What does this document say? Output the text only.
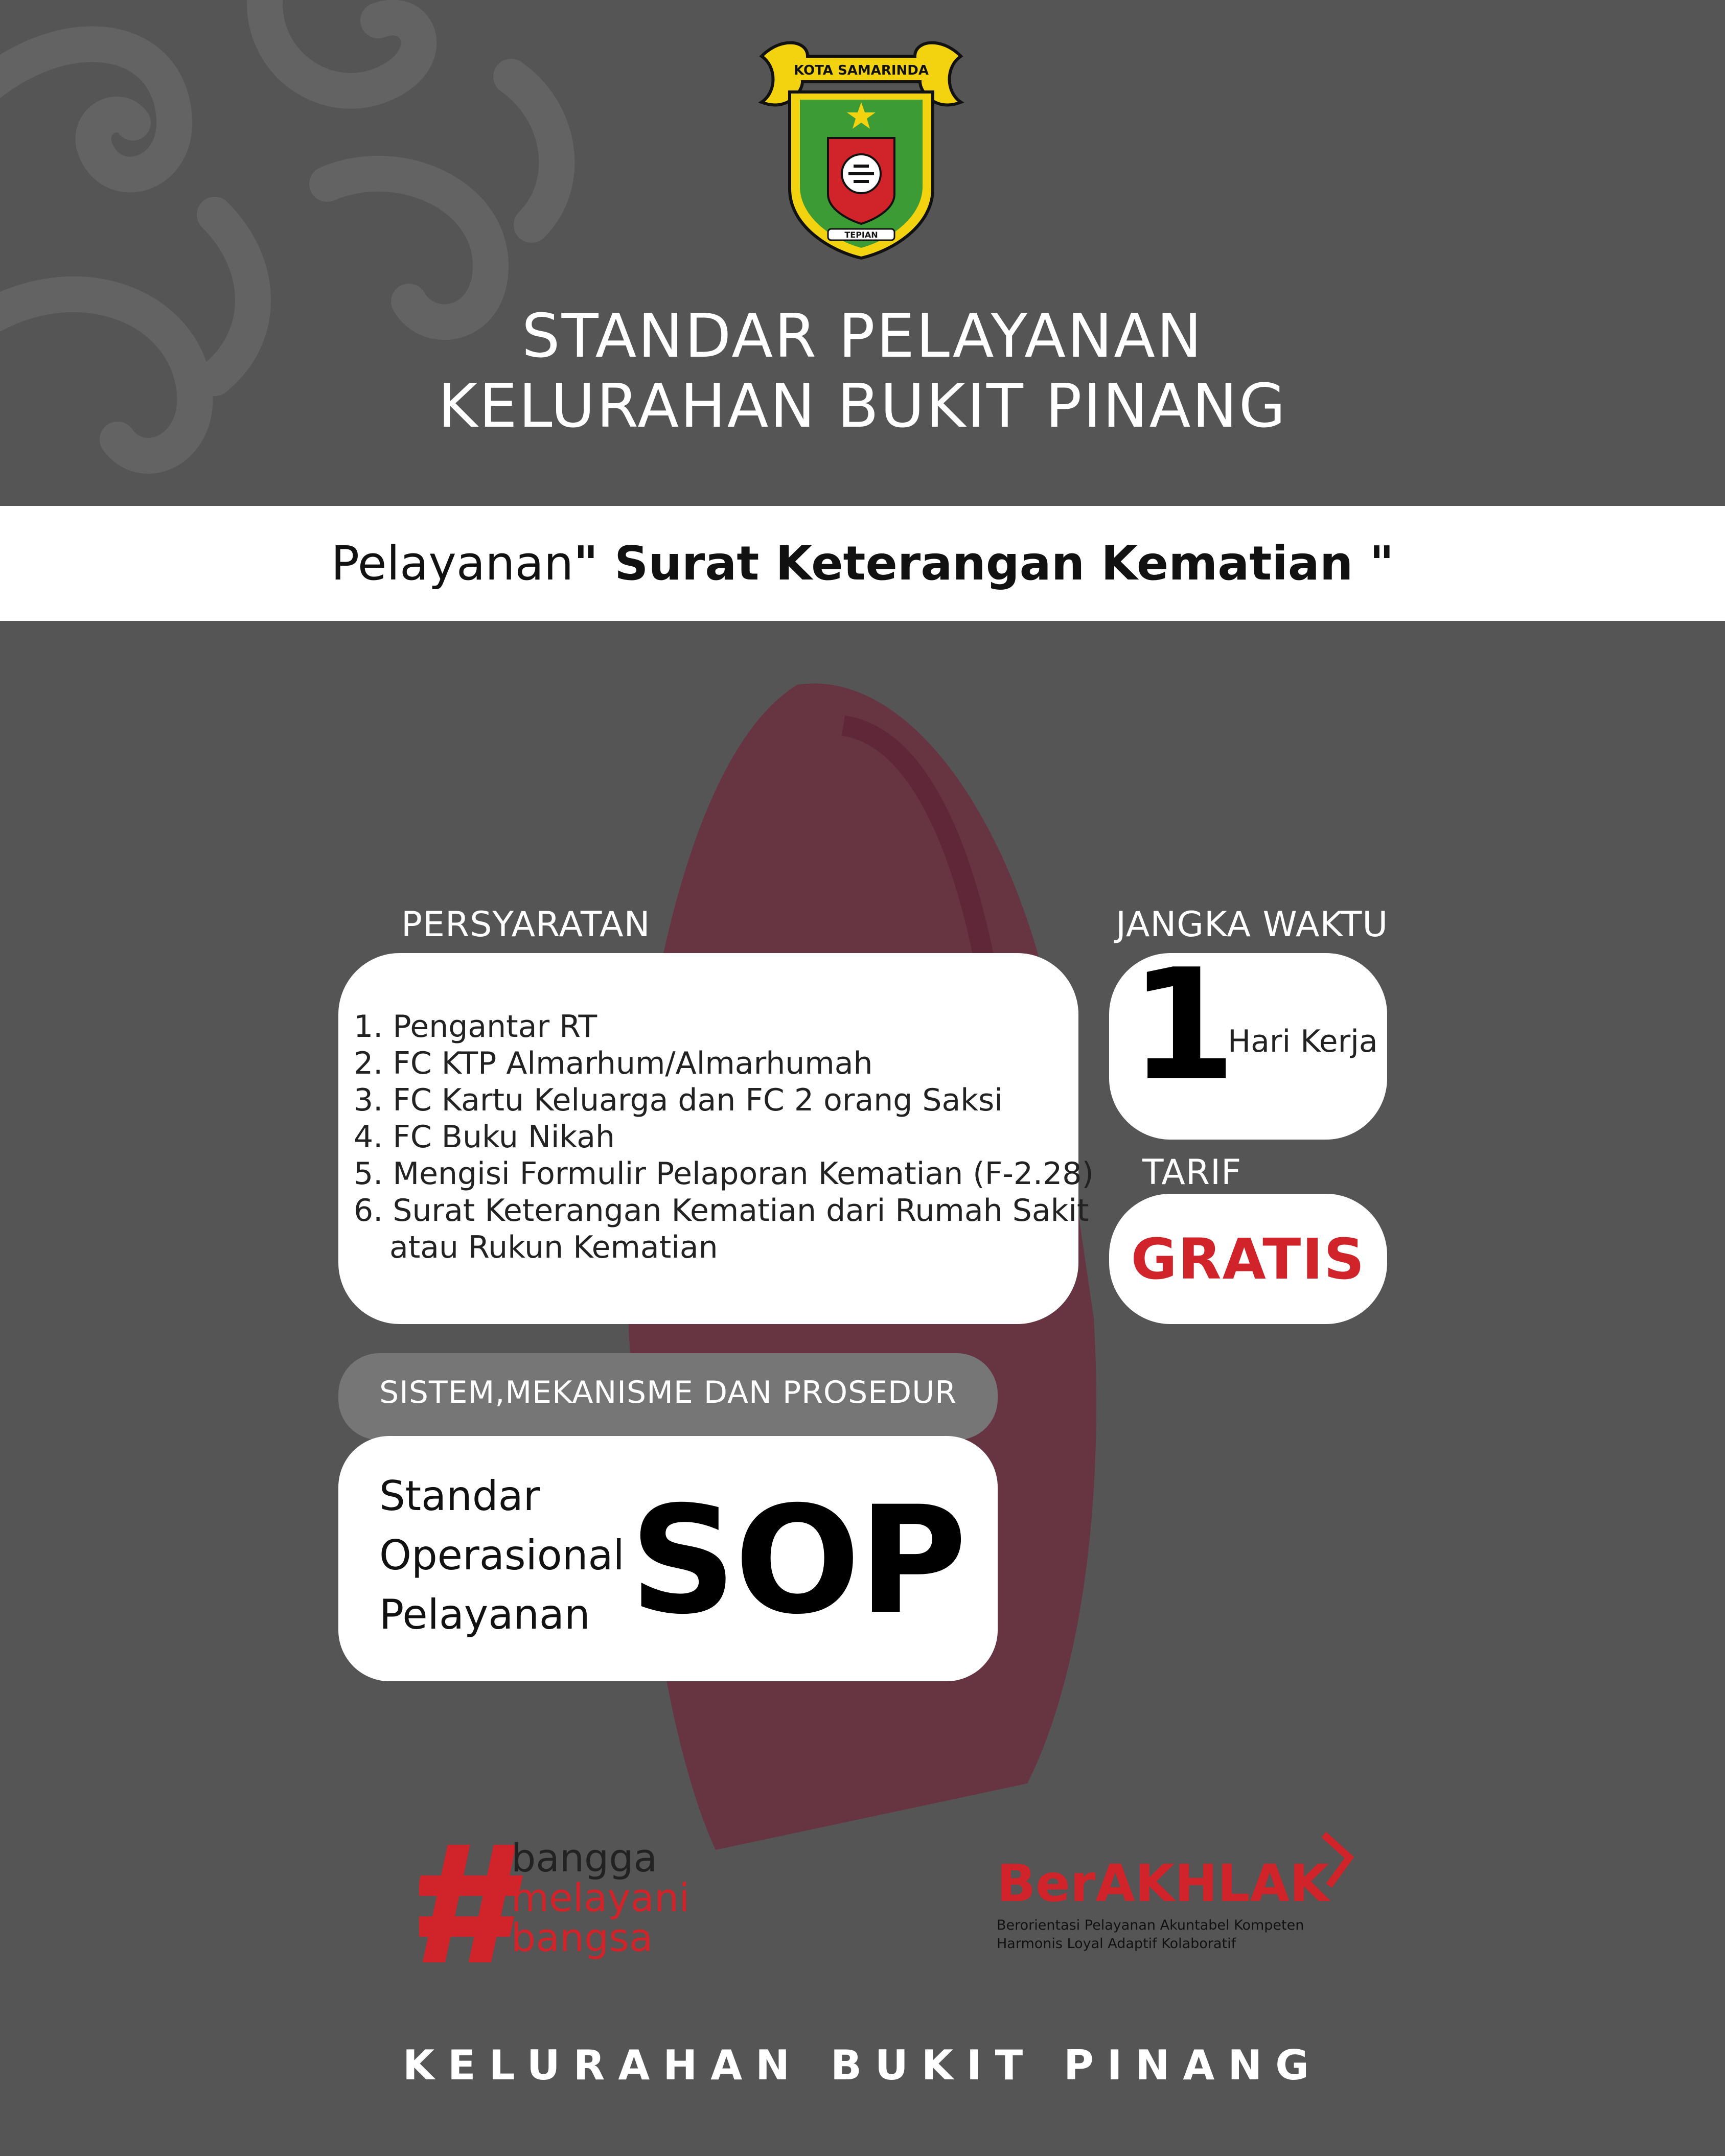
KOTA SAMARINDA
TEPIAN
STANDAR PELAYANAN
KELURAHAN BUKIT PINANG
Pelayanan " Surat Keterangan Kematian "
PERSYARATAN
1. Pengantar RT
2. FC KTP Almarhum/Almarhumah
3. FC Kartu Keluarga dan FC 2 orang Saksi
4. FC Buku Nikah
5. Mengisi Formulir Pelaporan Kematian (F-2.28)
6. Surat Keterangan Kematian dari Rumah Sakit
atau Rukun Kematian
JANGKA WAKTU
1
Hari Kerja
TARIF
GRATIS
SISTEM,MEKANISME DAN PROSEDUR
Standar
Operasional
Pelayanan SOP
bangga
melayani
bangsa
BerAKHLAK
Berorientasi Pelayanan Akuntabel Kompeten
Harmonis Loyal Adaptif Kolaboratif
KELURAHAN BUKIT PINANG
